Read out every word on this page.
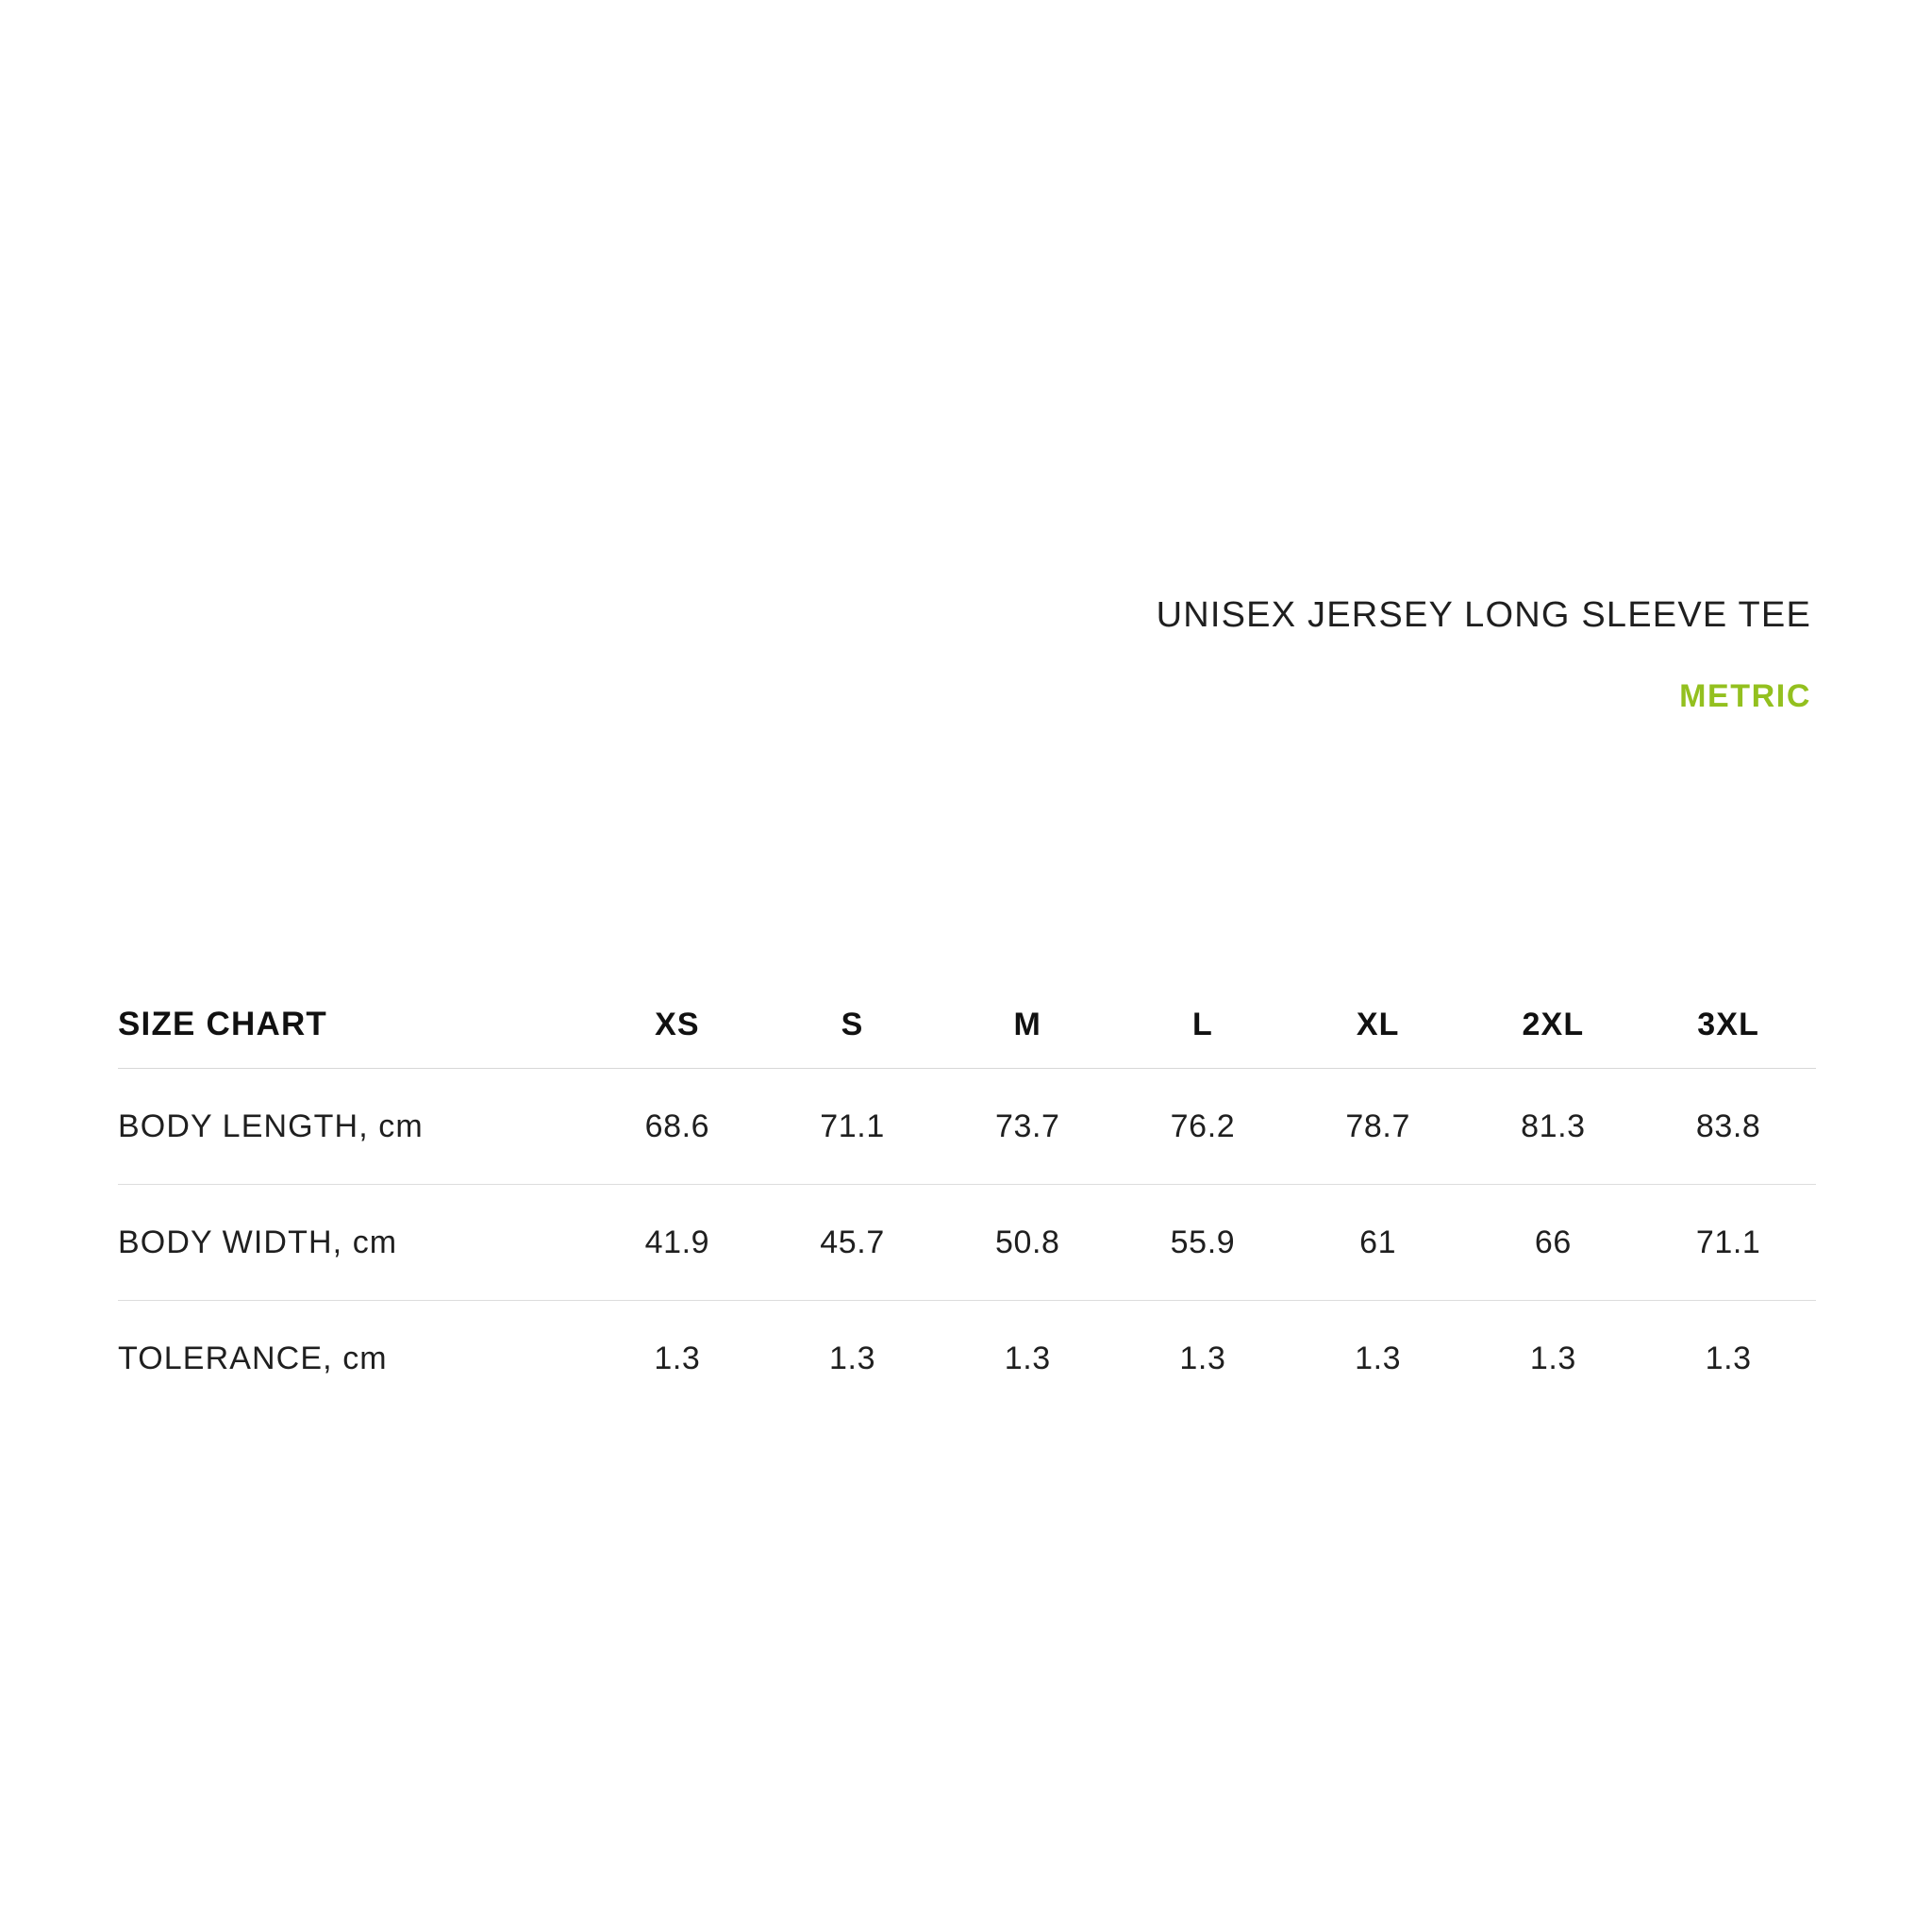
UNISEX JERSEY LONG SLEEVE TEE
METRIC
SIZE CHART	XS	S	M	L	XL	2XL	3XL
BODY LENGTH, cm	68.6	71.1	73.7	76.2	78.7	81.3	83.8
BODY WIDTH, cm	41.9	45.7	50.8	55.9	61	66	71.1
TOLERANCE, cm	1.3	1.3	1.3	1.3	1.3	1.3	1.3
